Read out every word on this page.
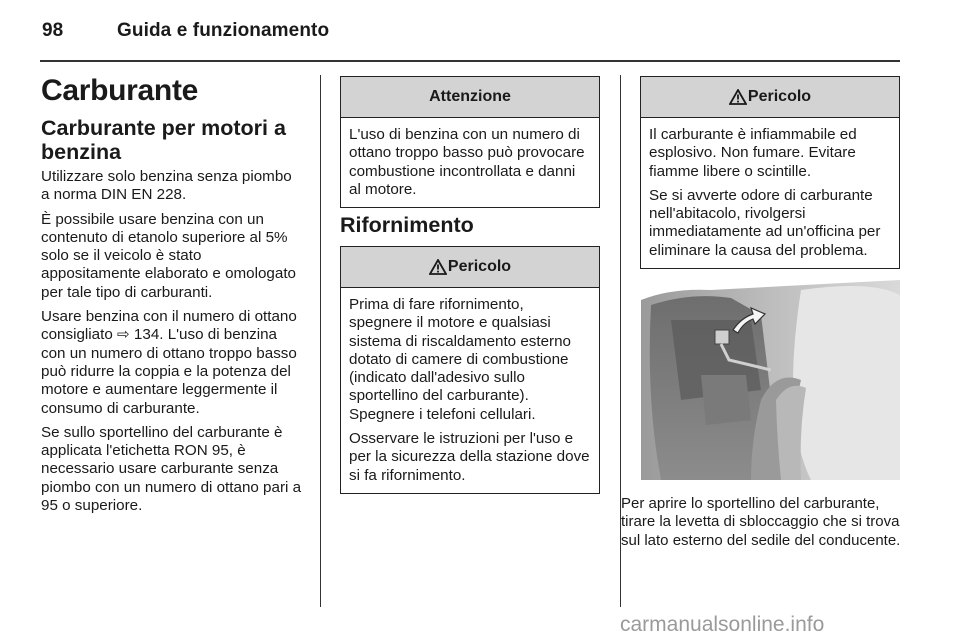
98	Guida e funzionamento
Carburante
Carburante per motori a benzina

Utilizzare solo benzina senza piombo a norma DIN EN 228.

È possibile usare benzina con un contenuto di etanolo superiore al 5% solo se il veicolo è stato appositamente elaborato e omologato per tale tipo di carburanti.

Usare benzina con il numero di ottano consigliato ⇨ 134. L'uso di benzina con un numero di ottano troppo basso può ridurre la coppia e la potenza del motore e aumentare leggermente il consumo di carburante.

Se sullo sportellino del carburante è applicata l'etichetta RON 95, è necessario usare carburante senza piombo con un numero di ottano pari a 95 o superiore.

Attenzione

L'uso di benzina con un numero di ottano troppo basso può provocare combustione incontrollata e danni al motore.

Rifornimento
Pericolo

Prima di fare rifornimento, spegnere il motore e qualsiasi sistema di riscaldamento esterno dotato di camere di combustione (indicato dall'adesivo sullo sportellino del carburante). Spegnere i telefoni cellulari.

Osservare le istruzioni per l'uso e per la sicurezza della stazione dove si fa rifornimento.

Pericolo

Il carburante è infiammabile ed esplosivo. Non fumare. Evitare fiamme libere o scintille.

Se si avverte odore di carburante nell'abitacolo, rivolgersi immediatamente ad un'officina per eliminare la causa del problema.

Per aprire lo sportellino del carburante, tirare la levetta di sbloccaggio che si trova sul lato esterno del sedile del conducente.
carmanualsonline.info
